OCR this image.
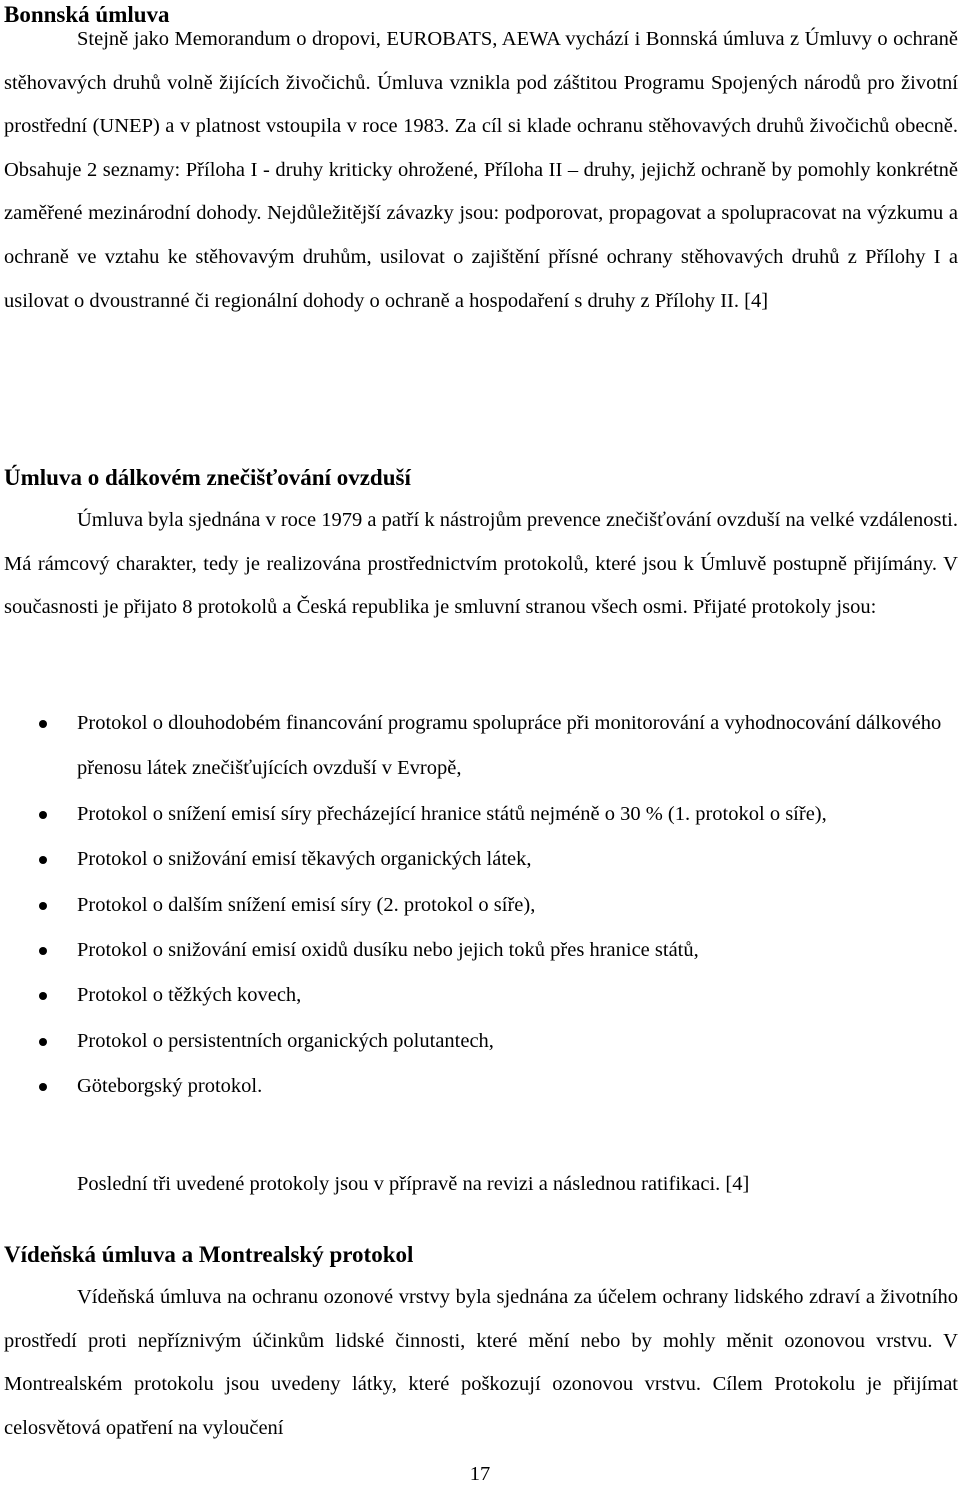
Bonnská úmluva

Stejně jako Memorandum o dropovi, EUROBATS, AEWA vychází i Bonnská úmluva z Úmluvy o ochraně stěhovavých druhů volně žijících živočichů. Úmluva vznikla pod záštitou Programu Spojených národů pro životní prostřední (UNEP) a v platnost vstoupila v roce 1983. Za cíl si klade ochranu stěhovavých druhů živočichů obecně. Obsahuje 2 seznamy: Příloha I - druhy kriticky ohrožené, Příloha II – druhy, jejichž ochraně by pomohly konkrétně zaměřené mezinárodní dohody. Nejdůležitější závazky jsou: podporovat, propagovat a spolupracovat na výzkumu a ochraně ve vztahu ke stěhovavým druhům, usilovat o zajištění přísné ochrany stěhovavých druhů z Přílohy I a usilovat o dvoustranné či regionální dohody o ochraně a hospodaření s druhy z Přílohy II. [4]

Úmluva o dálkovém znečišťování ovzduší

Úmluva byla sjednána v roce 1979 a patří k nástrojům prevence znečišťování ovzduší na velké vzdálenosti. Má rámcový charakter, tedy je realizována prostřednictvím protokolů, které jsou k Úmluvě postupně přijímány. V současnosti je přijato 8 protokolů a Česká republika je smluvní stranou všech osmi. Přijaté protokoly jsou:

Protokol o dlouhodobém financování programu spolupráce při monitorování a vyhodnocování dálkového přenosu látek znečišťujících ovzduší v Evropě,
Protokol o snížení emisí síry přecházející hranice států nejméně o 30 % (1. protokol o síře),
Protokol o snižování emisí těkavých organických látek,
Protokol o dalším snížení emisí síry (2. protokol o síře),
Protokol o snižování emisí oxidů dusíku nebo jejich toků přes hranice států,
Protokol o těžkých kovech,
Protokol o persistentních organických polutantech,
Göteborgský protokol.

Poslední tři uvedené protokoly jsou v přípravě na revizi a následnou ratifikaci. [4]

Vídeňská úmluva a Montrealský protokol

Vídeňská úmluva na ochranu ozonové vrstvy byla sjednána za účelem ochrany lidského zdraví a životního prostředí proti nepříznivým účinkům lidské činnosti, které mění nebo by mohly měnit ozonovou vrstvu. V Montrealském protokolu jsou uvedeny látky, které poškozují ozonovou vrstvu. Cílem Protokolu je přijímat celosvětová opatření na vyloučení

17
